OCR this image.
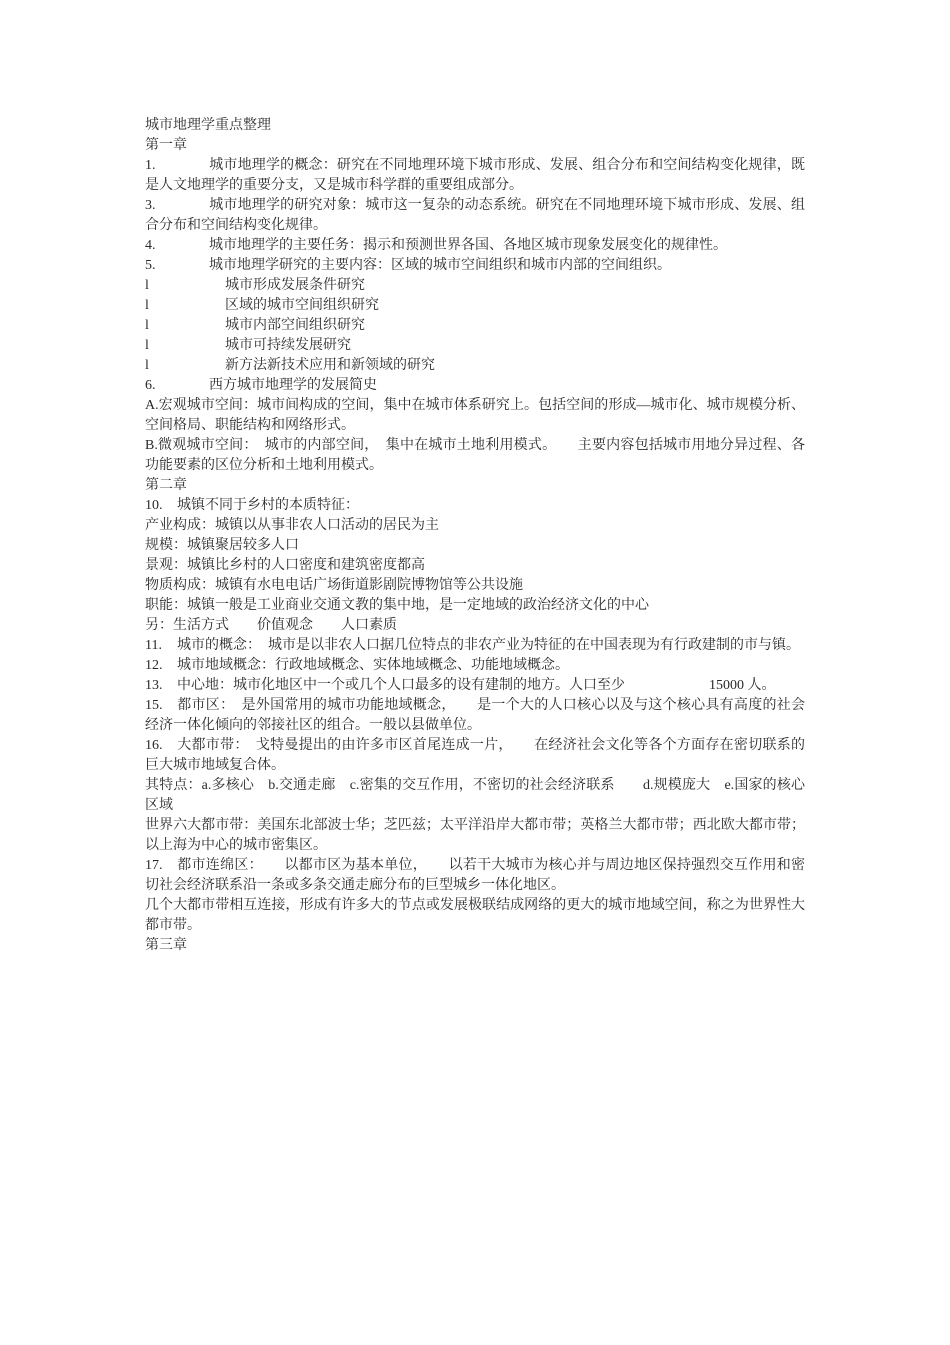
城市地理学重点整理

第一章

1.	城市地理学的概念：研究在不同地理环境下城市形成、发展、组合分布和空间结构变化规律，既是人文地理学的重要分支，又是城市科学群的重要组成部分。

3.	城市地理学的研究对象：城市这一复杂的动态系统。研究在不同地理环境下城市形成、发展、组合分布和空间结构变化规律。

4.	城市地理学的主要任务：揭示和预测世界各国、各地区城市现象发展变化的规律性。

5.	城市地理学研究的主要内容：区域的城市空间组织和城市内部的空间组织。

l	城市形成发展条件研究

l	区域的城市空间组织研究

l	城市内部空间组织研究

l	城市可持续发展研究

l	新方法新技术应用和新领域的研究

6.	西方城市地理学的发展简史

A.宏观城市空间：城市间构成的空间，集中在城市体系研究上。包括空间的形成—城市化、城市规模分析、空间格局、职能结构和网络形式。

B.微观城市空间：　城市的内部空间，　集中在城市土地利用模式。　　主要内容包括城市用地分异过程、各功能要素的区位分析和土地利用模式。

第二章

10. 城镇不同于乡村的本质特征：

产业构成：城镇以从事非农人口活动的居民为主

规模：城镇聚居较多人口

景观：城镇比乡村的人口密度和建筑密度都高

物质构成：城镇有水电电话广场街道影剧院博物馆等公共设施

职能：城镇一般是工业商业交通文教的集中地，是一定地域的政治经济文化的中心

另：生活方式　　价值观念　　人口素质

11. 城市的概念：　城市是以非农人口据几位特点的非农产业为特征的在中国表现为有行政建制的市与镇。

12. 城市地域概念：行政地域概念、实体地域概念、功能地域概念。

13. 中心地：城市化地区中一个或几个人口最多的设有建制的地方。人口至少　　　　　　15000 人。

15. 都市区：　是外国常用的城市功能地域概念，　　是一个大的人口核心以及与这个核心具有高度的社会经济一体化倾向的邻接社区的组合。一般以县做单位。

16. 大都市带：　戈特曼提出的由许多市区首尾连成一片，　　在经济社会文化等各个方面存在密切联系的巨大城市地域复合体。

其特点：a.多核心　b.交通走廊　c.密集的交互作用，不密切的社会经济联系　　d.规模庞大　e.国家的核心区域

世界六大都市带：美国东北部波士华；芝匹兹；太平洋沿岸大都市带；英格兰大都市带；西北欧大都市带；以上海为中心的城市密集区。

17. 都市连绵区：　　以都市区为基本单位，　　以若干大城市为核心并与周边地区保持强烈交互作用和密切社会经济联系沿一条或多条交通走廊分布的巨型城乡一体化地区。

几个大都市带相互连接，形成有许多大的节点或发展极联结成网络的更大的城市地域空间，称之为世界性大都市带。

第三章
